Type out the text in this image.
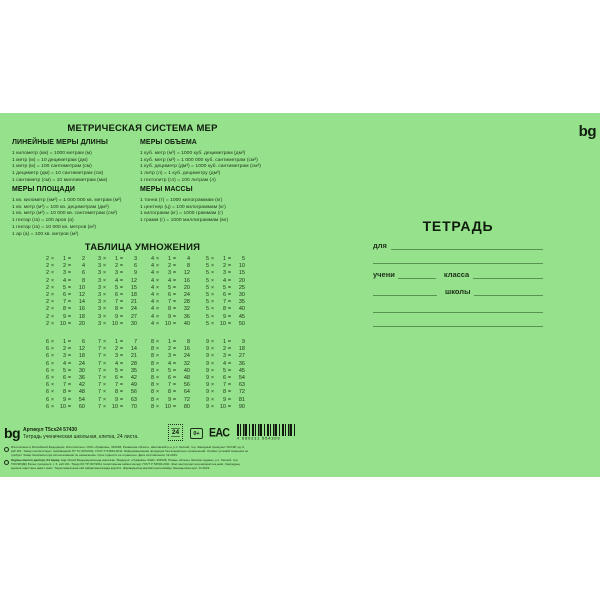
МЕТРИЧЕСКАЯ СИСТЕМА МЕР
ЛИНЕЙНЫЕ МЕРЫ ДЛИНЫ
1 километр (км) = 1000 метрам (м)
1 метр (м) = 10 дециметрам (дм)
1 метр (м) = 100 сантиметрам (см)
1 дециметр (дм) = 10 сантиметрам (см)
1 сантиметр (см) = 10 миллиметрам (мм)
МЕРЫ ОБЪЕМА
1 куб. метр (м³) = 1000 куб. дециметрам (дм³)
1 куб. метр (м³) = 1 000 000 куб. сантиметрам (см³)
1 куб. дециметр (дм³) = 1000 куб. сантиметрам (см³)
1 литр (л) = 1 куб. дециметру (дм³)
1 гектолитр (гл) = 100 литрам (л)
МЕРЫ ПЛОЩАДИ
1 кв. километр (км²) = 1 000 000 кв. метрам (м²)
1 кв. метр (м²) = 100 кв. дециметрам (дм²)
1 кв. метр (м²) = 10 000 кв. сантиметрам (см²)
1 гектар (га) = 100 аров (а)
1 гектар (га) = 10 000 кв. метров (м²)
1 ар (а) = 100 кв. метров (м²)
МЕРЫ МАССЫ
1 тонна (т) = 1000 килограммам (кг)
1 центнер (ц) = 100 килограммам (кг)
1 килограмм (кг) = 1000 граммам (г)
1 грамм (г) = 1000 миллиграммам (мг)
ТАБЛИЦА УМНОЖЕНИЯ
2 ×	1 =	2
2 ×	2 =	4
2 ×	3 =	6
2 ×	4 =	8
2 ×	5 =	10
2 ×	6 =	12
2 ×	7 =	14
2 ×	8 =	16
2 ×	9 =	18
2 ×	10 =	20
3 ×	1 =	3
3 ×	2 =	6
3 ×	3 =	9
3 ×	4 =	12
3 ×	5 =	15
3 ×	6 =	18
3 ×	7 =	21
3 ×	8 =	24
3 ×	9 =	27
3 ×	10 =	30
4 ×	1 =	4
4 ×	2 =	8
4 ×	3 =	12
4 ×	4 =	16
4 ×	5 =	20
4 ×	6 =	24
4 ×	7 =	28
4 ×	8 =	32
4 ×	9 =	36
4 ×	10 =	40
5 ×	1 =	5
5 ×	2 =	10
5 ×	3 =	15
5 ×	4 =	20
5 ×	5 =	25
5 ×	6 =	30
5 ×	7 =	35
5 ×	8 =	40
5 ×	9 =	45
5 ×	10 =	50
6 ×	1 =	6
6 ×	2 =	12
6 ×	3 =	18
6 ×	4 =	24
6 ×	5 =	30
6 ×	6 =	36
6 ×	7 =	42
6 ×	8 =	48
6 ×	9 =	54
6 ×	10 =	60
7 ×	1 =	7
7 ×	2 =	14
7 ×	3 =	21
7 ×	4 =	28
7 ×	5 =	35
7 ×	6 =	42
7 ×	7 =	49
7 ×	8 =	56
7 ×	9 =	63
7 ×	10 =	70
8 ×	1 =	8
8 ×	2 =	16
8 ×	3 =	24
8 ×	4 =	32
8 ×	5 =	40
8 ×	6 =	48
8 ×	7 =	56
8 ×	8 =	64
8 ×	9 =	72
8 ×	10 =	80
9 ×	1 =	9
9 ×	2 =	18
9 ×	3 =	27
9 ×	4 =	36
9 ×	5 =	45
9 ×	6 =	54
9 ×	7 =	63
9 ×	8 =	72
9 ×	9 =	81
9 ×	10 =	90
ТЕТРАДЬ
для
учени	класса
школы
bg
bg Артикул Т5сх24 57430
Тетрадь ученическая школьная, клетка, 24 листа.
24	0+ ЕАС 4 680211 554309
Изготовлено в Российской Федерации. Изготовитель: ООО «Графика», 391528, Рязанская область, Шиловский р-н, р.п. Лесной, тер. Западный промузел ТОСЭР, зд. 6, каб 101. Товар соответствует требованиям ТР ТС 007/2011, ГОСТ Р 54543-2011. Информационная продукция без возрастных ограничений. Особых условий хранения не требует. Товар безопасен при использовании по назначению. Срок годности не ограничен. Дата изготовления: 12.2023.
Оқушы мектеп дәптері, 24 парақ, тор. Ресей Федерациясында жасалған. Өндіруші: «Графика» ЖШС, 391528, Рязань облысы, Шилово ауданы, р.п. Лесной, тер. ТОСЭР(ДК) Батыс промузелі, ғ. 6, каб 101. Тауар КО ТР 007/2011 талаптарына сәйкес келеді. ГОСТ Р 54543-2011. Жас шектеулері жоқ ақпараттық өнім. Сақтаудың ерекше шарттары қажет емес. Тауар мақсатына сай пайдаланылғанда қауіпсіз. Жарамдылық мерзімі шектелмейді. Шығарылған күні: 12.2023.
